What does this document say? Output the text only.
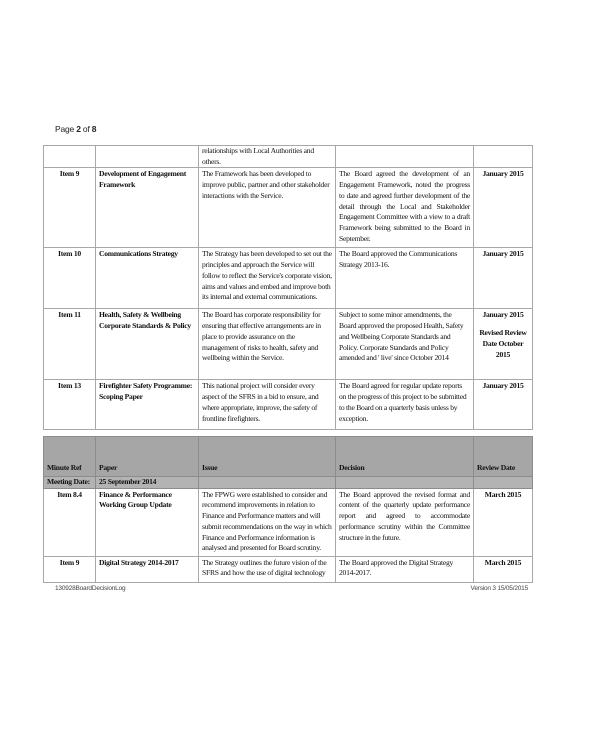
Page 2 of 8
		relationships with Local Authorities and others.		
Item 9	Development of Engagement Framework	The Framework has been developed to improve public, partner and other stakeholder interactions with the Service.	The Board agreed the development of an Engagement Framework, noted the progress to date and agreed further development of the detail through the Local and Stakeholder Engagement Committee with a view to a draft Framework being submitted to the Board in September.	January 2015
Item 10	Communications Strategy	The Strategy has been developed to set out the principles and approach the Service will follow to reflect the Service's corporate vision, aims and values and embed and improve both its internal and external communications.	The Board approved the Communications Strategy 2013-16.	January 2015
Item 11	Health, Safety & Wellbeing Corporate Standards & Policy	The Board has corporate responsibility for ensuring that effective arrangements are in place to provide assurance on the management of risks to health, safety and wellbeing within the Service.	Subject to some minor amendments, the Board approved the proposed Health, Safety and Wellbeing Corporate Standards and Policy. Corporate Standards and Policy amended and ' live' since October 2014	January 2015
Revised Review Date October 2015
Item 13	Firefighter Safety Programme: Scoping Paper	This national project will consider every aspect of the SFRS in a bid to ensure, and where appropriate, improve, the safety of frontline firefighters.	The Board agreed for regular update reports on the progress of this project to be submitted to the Board on a quarterly basis unless by exception.	January 2015
Minute Ref	Paper	Issue	Decision	Review Date
Meeting Date:	25 September 2014			
Item 8.4	Finance & Performance Working Group Update	The FPWG were established to consider and recommend improvements in relation to Finance and Performance matters and will submit recommendations on the way in which Finance and Performance information is analysed and presented for Board scrutiny.	The Board approved the revised format and content of the quarterly update performance report and agreed to accommodate performance scrutiny within the Committee structure in the future.	March 2015
Item 9	Digital Strategy 2014-2017	The Strategy outlines the future vision of the SFRS and how the use of digital technology	The Board approved the Digital Strategy 2014-2017.	March 2015
130928BoardDecisionLog	Version 3 15/05/2015
